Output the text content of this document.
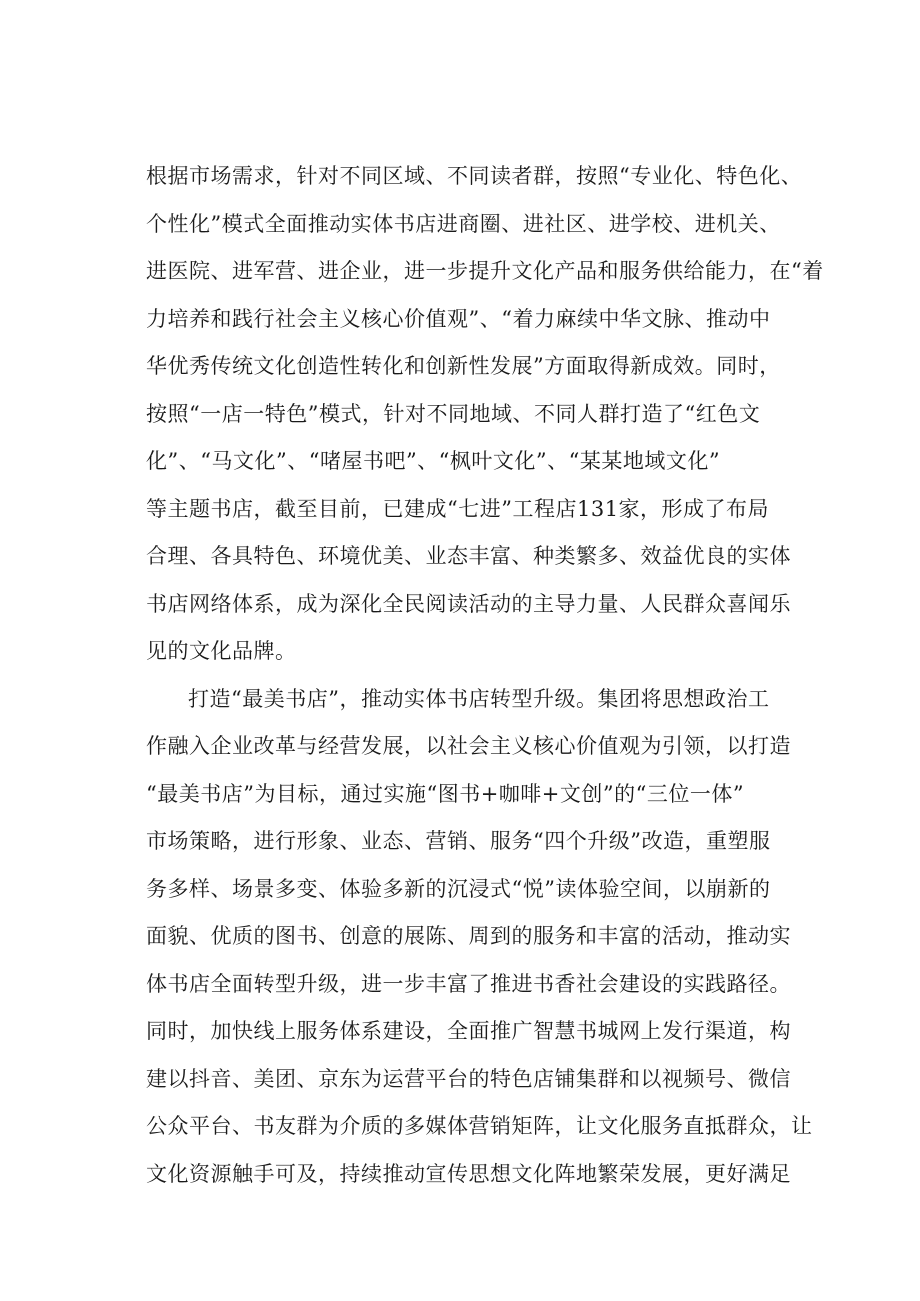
根据市场需求，针对不同区域、不同读者群，按照“专业化、特色化、
个性化”模式全面推动实体书店进商圈、进社区、进学校、进机关、
进医院、进军营、进企业，进一步提升文化产品和服务供给能力，在“着
力培养和践行社会主义核心价值观”、“着力麻续中华文脉、推动中
华优秀传统文化创造性转化和创新性发展”方面取得新成效。同时，
按照“一店一特色”模式，针对不同地域、不同人群打造了“红色文
化”、“马文化”、“啫屋书吧”、“枫叶文化”、“某某地域文化”
等主题书店，截至目前，已建成“七进”工程店131家，形成了布局
合理、各具特色、环境优美、业态丰富、种类繁多、效益优良的实体
书店网络体系，成为深化全民阅读活动的主导力量、人民群众喜闻乐
见的文化品牌。
打造“最美书店”，推动实体书店转型升级。集团将思想政治工
作融入企业改革与经营发展，以社会主义核心价值观为引领，以打造
“最美书店”为目标，通过实施“图书+咖啡+文创”的“三位一体”
市场策略，进行形象、业态、营销、服务“四个升级”改造，重塑服
务多样、场景多变、体验多新的沉浸式“悦”读体验空间，以崩新的
面貌、优质的图书、创意的展陈、周到的服务和丰富的活动，推动实
体书店全面转型升级，进一步丰富了推进书香社会建设的实践路径。
同时，加快线上服务体系建设，全面推广智慧书城网上发行渠道，构
建以抖音、美团、京东为运营平台的特色店铺集群和以视频号、微信
公众平台、书友群为介质的多媒体营销矩阵，让文化服务直抵群众，让
文化资源触手可及，持续推动宣传思想文化阵地繁荣发展，更好满足
